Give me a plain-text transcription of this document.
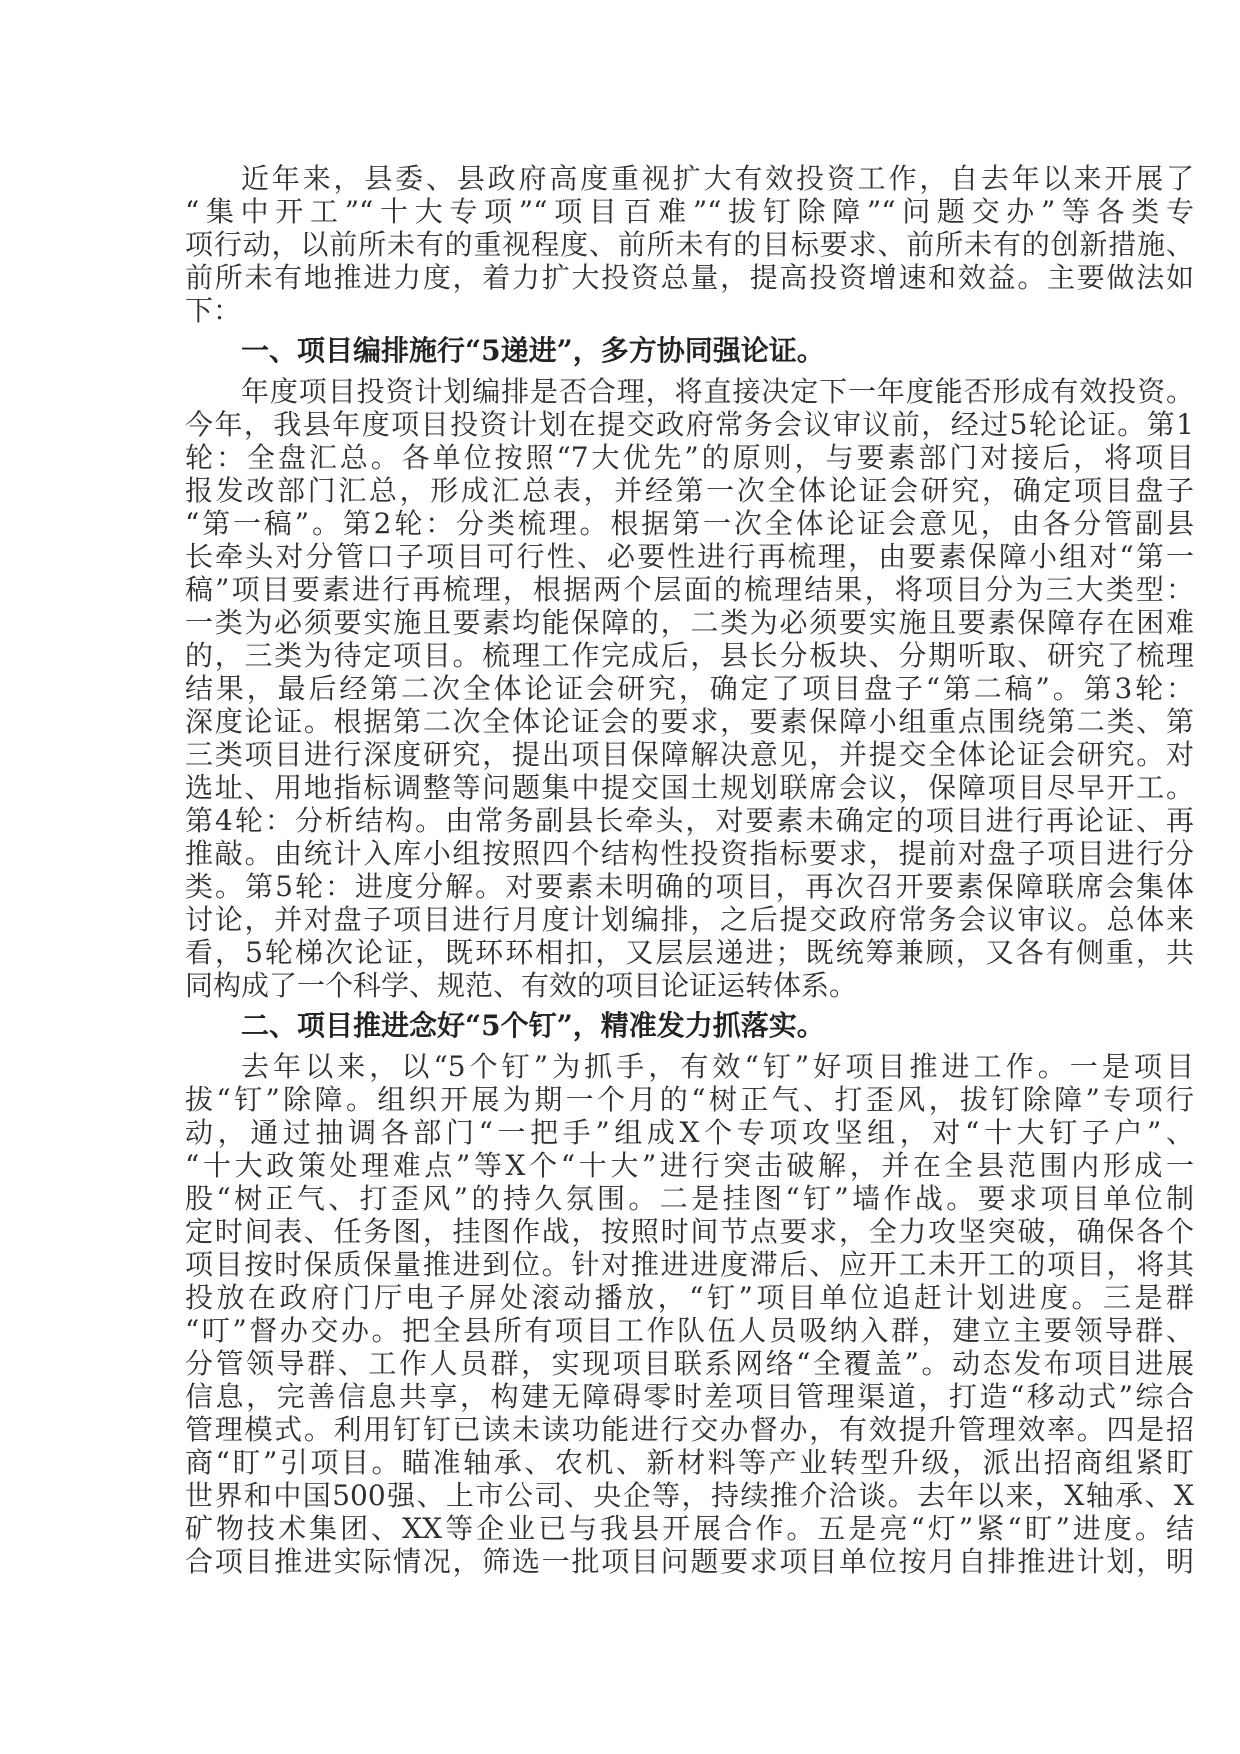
近年来，县委、县政府高度重视扩大有效投资工作，自去年以来开展了
“集中开工”“十大专项”“项目百难”“拔钉除障”“问题交办”等各类专
项行动，以前所未有的重视程度、前所未有的目标要求、前所未有的创新措施、
前所未有地推进力度，着力扩大投资总量，提高投资增速和效益。主要做法如
下：
一、项目编排施行“5递进”，多方协同强论证。
年度项目投资计划编排是否合理，将直接决定下一年度能否形成有效投资。
今年，我县年度项目投资计划在提交政府常务会议审议前，经过5轮论证。第1
轮：全盘汇总。各单位按照“7大优先”的原则，与要素部门对接后，将项目
报发改部门汇总，形成汇总表，并经第一次全体论证会研究，确定项目盘子
“第一稿”。第2轮：分类梳理。根据第一次全体论证会意见，由各分管副县
长牵头对分管口子项目可行性、必要性进行再梳理，由要素保障小组对“第一
稿”项目要素进行再梳理，根据两个层面的梳理结果，将项目分为三大类型：
一类为必须要实施且要素均能保障的，二类为必须要实施且要素保障存在困难
的，三类为待定项目。梳理工作完成后，县长分板块、分期听取、研究了梳理
结果，最后经第二次全体论证会研究，确定了项目盘子“第二稿”。第3轮：
深度论证。根据第二次全体论证会的要求，要素保障小组重点围绕第二类、第
三类项目进行深度研究，提出项目保障解决意见，并提交全体论证会研究。对
选址、用地指标调整等问题集中提交国土规划联席会议，保障项目尽早开工。
第4轮：分析结构。由常务副县长牵头，对要素未确定的项目进行再论证、再
推敲。由统计入库小组按照四个结构性投资指标要求，提前对盘子项目进行分
类。第5轮：进度分解。对要素未明确的项目，再次召开要素保障联席会集体
讨论，并对盘子项目进行月度计划编排，之后提交政府常务会议审议。总体来
看，5轮梯次论证，既环环相扣，又层层递进；既统筹兼顾，又各有侧重，共
同构成了一个科学、规范、有效的项目论证运转体系。
二、项目推进念好“5个钉”，精准发力抓落实。
去年以来，以“5个钉”为抓手，有效“钉”好项目推进工作。一是项目
拔“钉”除障。组织开展为期一个月的“树正气、打歪风，拔钉除障”专项行
动，通过抽调各部门“一把手”组成X个专项攻坚组，对“十大钉子户”、
“十大政策处理难点”等X个“十大”进行突击破解，并在全县范围内形成一
股“树正气、打歪风”的持久氛围。二是挂图“钉”墙作战。要求项目单位制
定时间表、任务图，挂图作战，按照时间节点要求，全力攻坚突破，确保各个
项目按时保质保量推进到位。针对推进进度滞后、应开工未开工的项目，将其
投放在政府门厅电子屏处滚动播放，“钉”项目单位追赶计划进度。三是群
“叮”督办交办。把全县所有项目工作队伍人员吸纳入群，建立主要领导群、
分管领导群、工作人员群，实现项目联系网络“全覆盖”。动态发布项目进展
信息，完善信息共享，构建无障碍零时差项目管理渠道，打造“移动式”综合
管理模式。利用钉钉已读未读功能进行交办督办，有效提升管理效率。四是招
商“盯”引项目。瞄准轴承、农机、新材料等产业转型升级，派出招商组紧盯
世界和中国500强、上市公司、央企等，持续推介洽谈。去年以来，X轴承、X
矿物技术集团、XX等企业已与我县开展合作。五是亮“灯”紧“盯”进度。结
合项目推进实际情况，筛选一批项目问题要求项目单位按月自排推进计划，明
